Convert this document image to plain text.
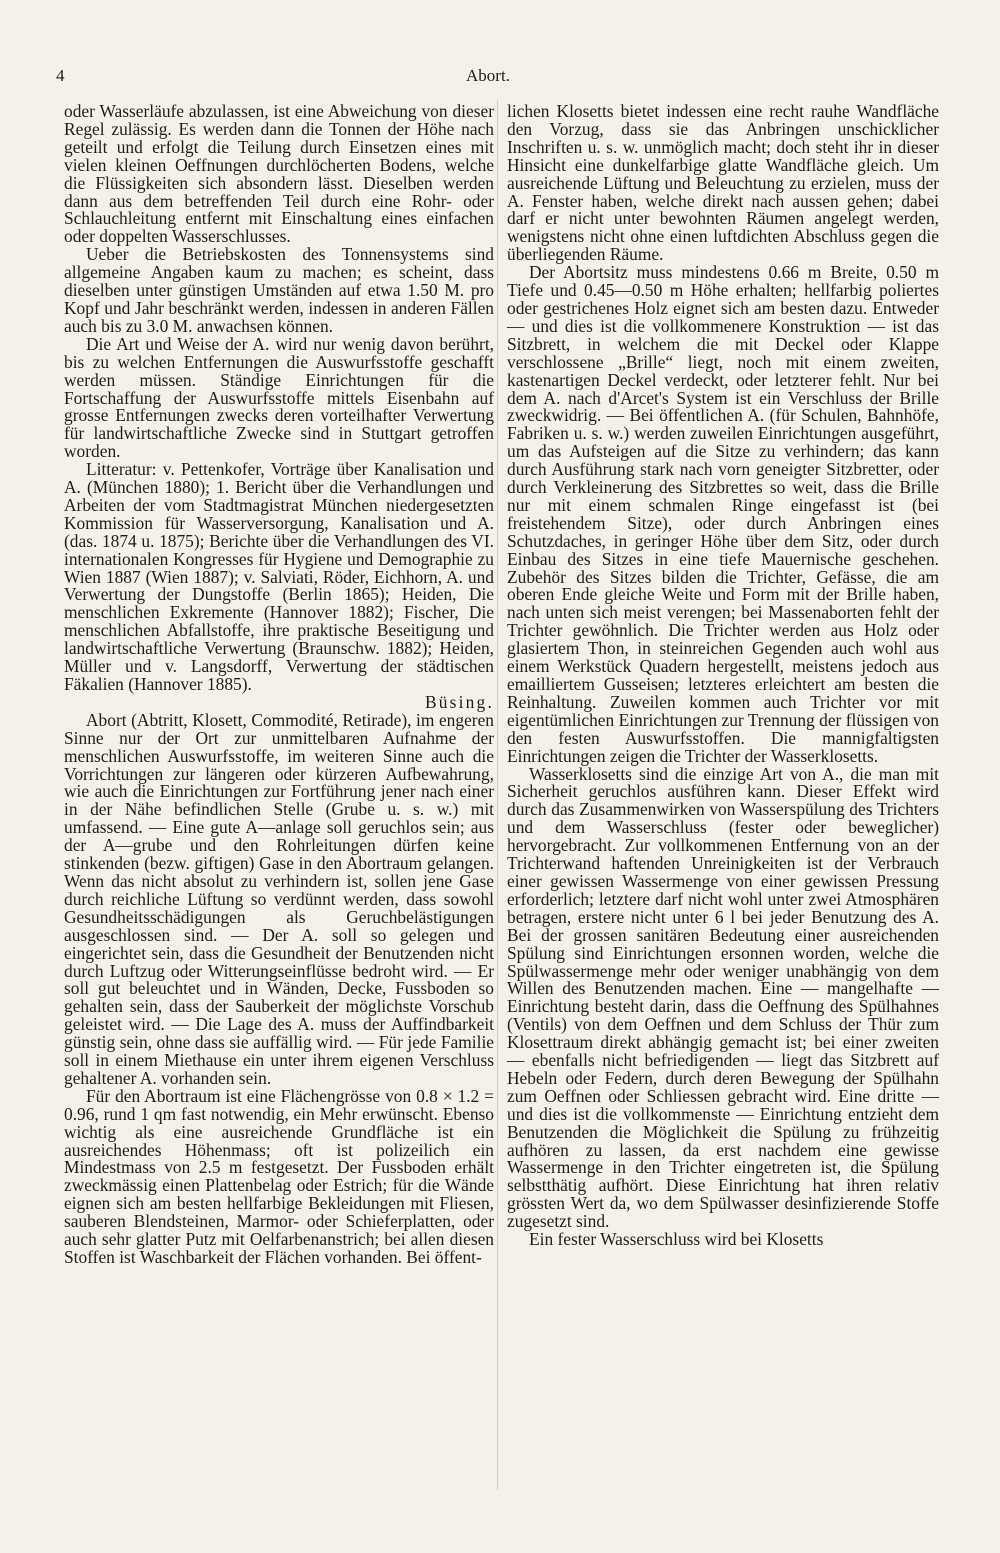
4	Abort.

oder Wasserläufe abzulassen, ist eine Abweichung von dieser Regel zulässig. Es werden dann die Tonnen der Höhe nach geteilt und erfolgt die Teilung durch Einsetzen eines mit vielen kleinen Oeffnungen durchlöcherten Bodens, welche die Flüssigkeiten sich absondern lässt. Dieselben werden dann aus dem betreffenden Teil durch eine Rohr- oder Schlauchleitung entfernt mit Einschaltung eines einfachen oder doppelten Wasserschlusses.

Ueber die Betriebskosten des Tonnensystems sind allgemeine Angaben kaum zu machen; es scheint, dass dieselben unter günstigen Umständen auf etwa 1.50 M. pro Kopf und Jahr beschränkt werden, indessen in anderen Fällen auch bis zu 3.0 M. anwachsen können.

Die Art und Weise der A. wird nur wenig davon berührt, bis zu welchen Entfernungen die Auswurfsstoffe geschafft werden müssen. Ständige Einrichtungen für die Fortschaffung der Auswurfsstoffe mittels Eisenbahn auf grosse Entfernungen zwecks deren vorteilhafter Verwertung für landwirtschaftliche Zwecke sind in Stuttgart getroffen worden.

Litteratur: v. Pettenkofer, Vorträge über Kanalisation und A. (München 1880); 1. Bericht über die Verhandlungen und Arbeiten der vom Stadtmagistrat München niedergesetzten Kommission für Wasserversorgung, Kanalisation und A. (das. 1874 u. 1875); Berichte über die Verhandlungen des VI. internationalen Kongresses für Hygiene und Demographie zu Wien 1887 (Wien 1887); v. Salviati, Röder, Eichhorn, A. und Verwertung der Dungstoffe (Berlin 1865); Heiden, Die menschlichen Exkremente (Hannover 1882); Fischer, Die menschlichen Abfallstoffe, ihre praktische Beseitigung und landwirtschaftliche Verwertung (Braunschw. 1882); Heiden, Müller und v. Langsdorff, Verwertung der städtischen Fäkalien (Hannover 1885).

Büsing.

Abort (Abtritt, Klosett, Commodité, Retirade), im engeren Sinne nur der Ort zur unmittelbaren Aufnahme der menschlichen Auswurfsstoffe, im weiteren Sinne auch die Vorrichtungen zur längeren oder kürzeren Aufbewahrung, wie auch die Einrichtungen zur Fortführung jener nach einer in der Nähe befindlichen Stelle (Grube u. s. w.) mit umfassend. — Eine gute A—anlage soll geruchlos sein; aus der A—grube und den Rohrleitungen dürfen keine stinkenden (bezw. giftigen) Gase in den Abortraum gelangen. Wenn das nicht absolut zu verhindern ist, sollen jene Gase durch reichliche Lüftung so verdünnt werden, dass sowohl Gesundheitsschädigungen als Geruchbelästigungen ausgeschlossen sind. — Der A. soll so gelegen und eingerichtet sein, dass die Gesundheit der Benutzenden nicht durch Luftzug oder Witterungseinflüsse bedroht wird. — Er soll gut beleuchtet und in Wänden, Decke, Fussboden so gehalten sein, dass der Sauberkeit der möglichste Vorschub geleistet wird. — Die Lage des A. muss der Auffindbarkeit günstig sein, ohne dass sie auffällig wird. — Für jede Familie soll in einem Miethause ein unter ihrem eigenen Verschluss gehaltener A. vorhanden sein.

Für den Abortraum ist eine Flächengrösse von 0.8 × 1.2 = 0.96, rund 1 qm fast notwendig, ein Mehr erwünscht. Ebenso wichtig als eine ausreichende Grundfläche ist ein ausreichendes Höhenmass; oft ist polizeilich ein Mindestmass von 2.5 m festgesetzt. Der Fussboden erhält zweckmässig einen Plattenbelag oder Estrich; für die Wände eignen sich am besten hellfarbige Bekleidungen mit Fliesen, sauberen Blendsteinen, Marmor- oder Schieferplatten, oder auch sehr glatter Putz mit Oelfarbenanstrich; bei allen diesen Stoffen ist Waschbarkeit der Flächen vorhanden. Bei öffent-

lichen Klosetts bietet indessen eine recht rauhe Wandfläche den Vorzug, dass sie das Anbringen unschicklicher Inschriften u. s. w. unmöglich macht; doch steht ihr in dieser Hinsicht eine dunkelfarbige glatte Wandfläche gleich. Um ausreichende Lüftung und Beleuchtung zu erzielen, muss der A. Fenster haben, welche direkt nach aussen gehen; dabei darf er nicht unter bewohnten Räumen angelegt werden, wenigstens nicht ohne einen luftdichten Abschluss gegen die überliegenden Räume.

Der Abortsitz muss mindestens 0.66 m Breite, 0.50 m Tiefe und 0.45—0.50 m Höhe erhalten; hellfarbig poliertes oder gestrichenes Holz eignet sich am besten dazu. Entweder — und dies ist die vollkommenere Konstruktion — ist das Sitzbrett, in welchem die mit Deckel oder Klappe verschlossene „Brille“ liegt, noch mit einem zweiten, kastenartigen Deckel verdeckt, oder letzterer fehlt. Nur bei dem A. nach d'Arcet's System ist ein Verschluss der Brille zweckwidrig. — Bei öffentlichen A. (für Schulen, Bahnhöfe, Fabriken u. s. w.) werden zuweilen Einrichtungen ausgeführt, um das Aufsteigen auf die Sitze zu verhindern; das kann durch Ausführung stark nach vorn geneigter Sitzbretter, oder durch Verkleinerung des Sitzbrettes so weit, dass die Brille nur mit einem schmalen Ringe eingefasst ist (bei freistehendem Sitze), oder durch Anbringen eines Schutzdaches, in geringer Höhe über dem Sitz, oder durch Einbau des Sitzes in eine tiefe Mauernische geschehen. Zubehör des Sitzes bilden die Trichter, Gefässe, die am oberen Ende gleiche Weite und Form mit der Brille haben, nach unten sich meist verengen; bei Massenaborten fehlt der Trichter gewöhnlich. Die Trichter werden aus Holz oder glasiertem Thon, in steinreichen Gegenden auch wohl aus einem Werkstück Quadern hergestellt, meistens jedoch aus emailliertem Gusseisen; letzteres erleichtert am besten die Reinhaltung. Zuweilen kommen auch Trichter vor mit eigentümlichen Einrichtungen zur Trennung der flüssigen von den festen Auswurfsstoffen. Die mannigfaltigsten Einrichtungen zeigen die Trichter der Wasserklosetts.

Wasserklosetts sind die einzige Art von A., die man mit Sicherheit geruchlos ausführen kann. Dieser Effekt wird durch das Zusammenwirken von Wasserspülung des Trichters und dem Wasserschluss (fester oder beweglicher) hervorgebracht. Zur vollkommenen Entfernung von an der Trichterwand haftenden Unreinigkeiten ist der Verbrauch einer gewissen Wassermenge von einer gewissen Pressung erforderlich; letztere darf nicht wohl unter zwei Atmosphären betragen, erstere nicht unter 6 l bei jeder Benutzung des A. Bei der grossen sanitären Bedeutung einer ausreichenden Spülung sind Einrichtungen ersonnen worden, welche die Spülwassermenge mehr oder weniger unabhängig von dem Willen des Benutzenden machen. Eine — mangelhafte — Einrichtung besteht darin, dass die Oeffnung des Spülhahnes (Ventils) von dem Oeffnen und dem Schluss der Thür zum Klosettraum direkt abhängig gemacht ist; bei einer zweiten — ebenfalls nicht befriedigenden — liegt das Sitzbrett auf Hebeln oder Federn, durch deren Bewegung der Spülhahn zum Oeffnen oder Schliessen gebracht wird. Eine dritte — und dies ist die vollkommenste — Einrichtung entzieht dem Benutzenden die Möglichkeit die Spülung zu frühzeitig aufhören zu lassen, da erst nachdem eine gewisse Wassermenge in den Trichter eingetreten ist, die Spülung selbstthätig aufhört. Diese Einrichtung hat ihren relativ grössten Wert da, wo dem Spülwasser desinfizierende Stoffe zugesetzt sind.

Ein fester Wasserschluss wird bei Klosetts
